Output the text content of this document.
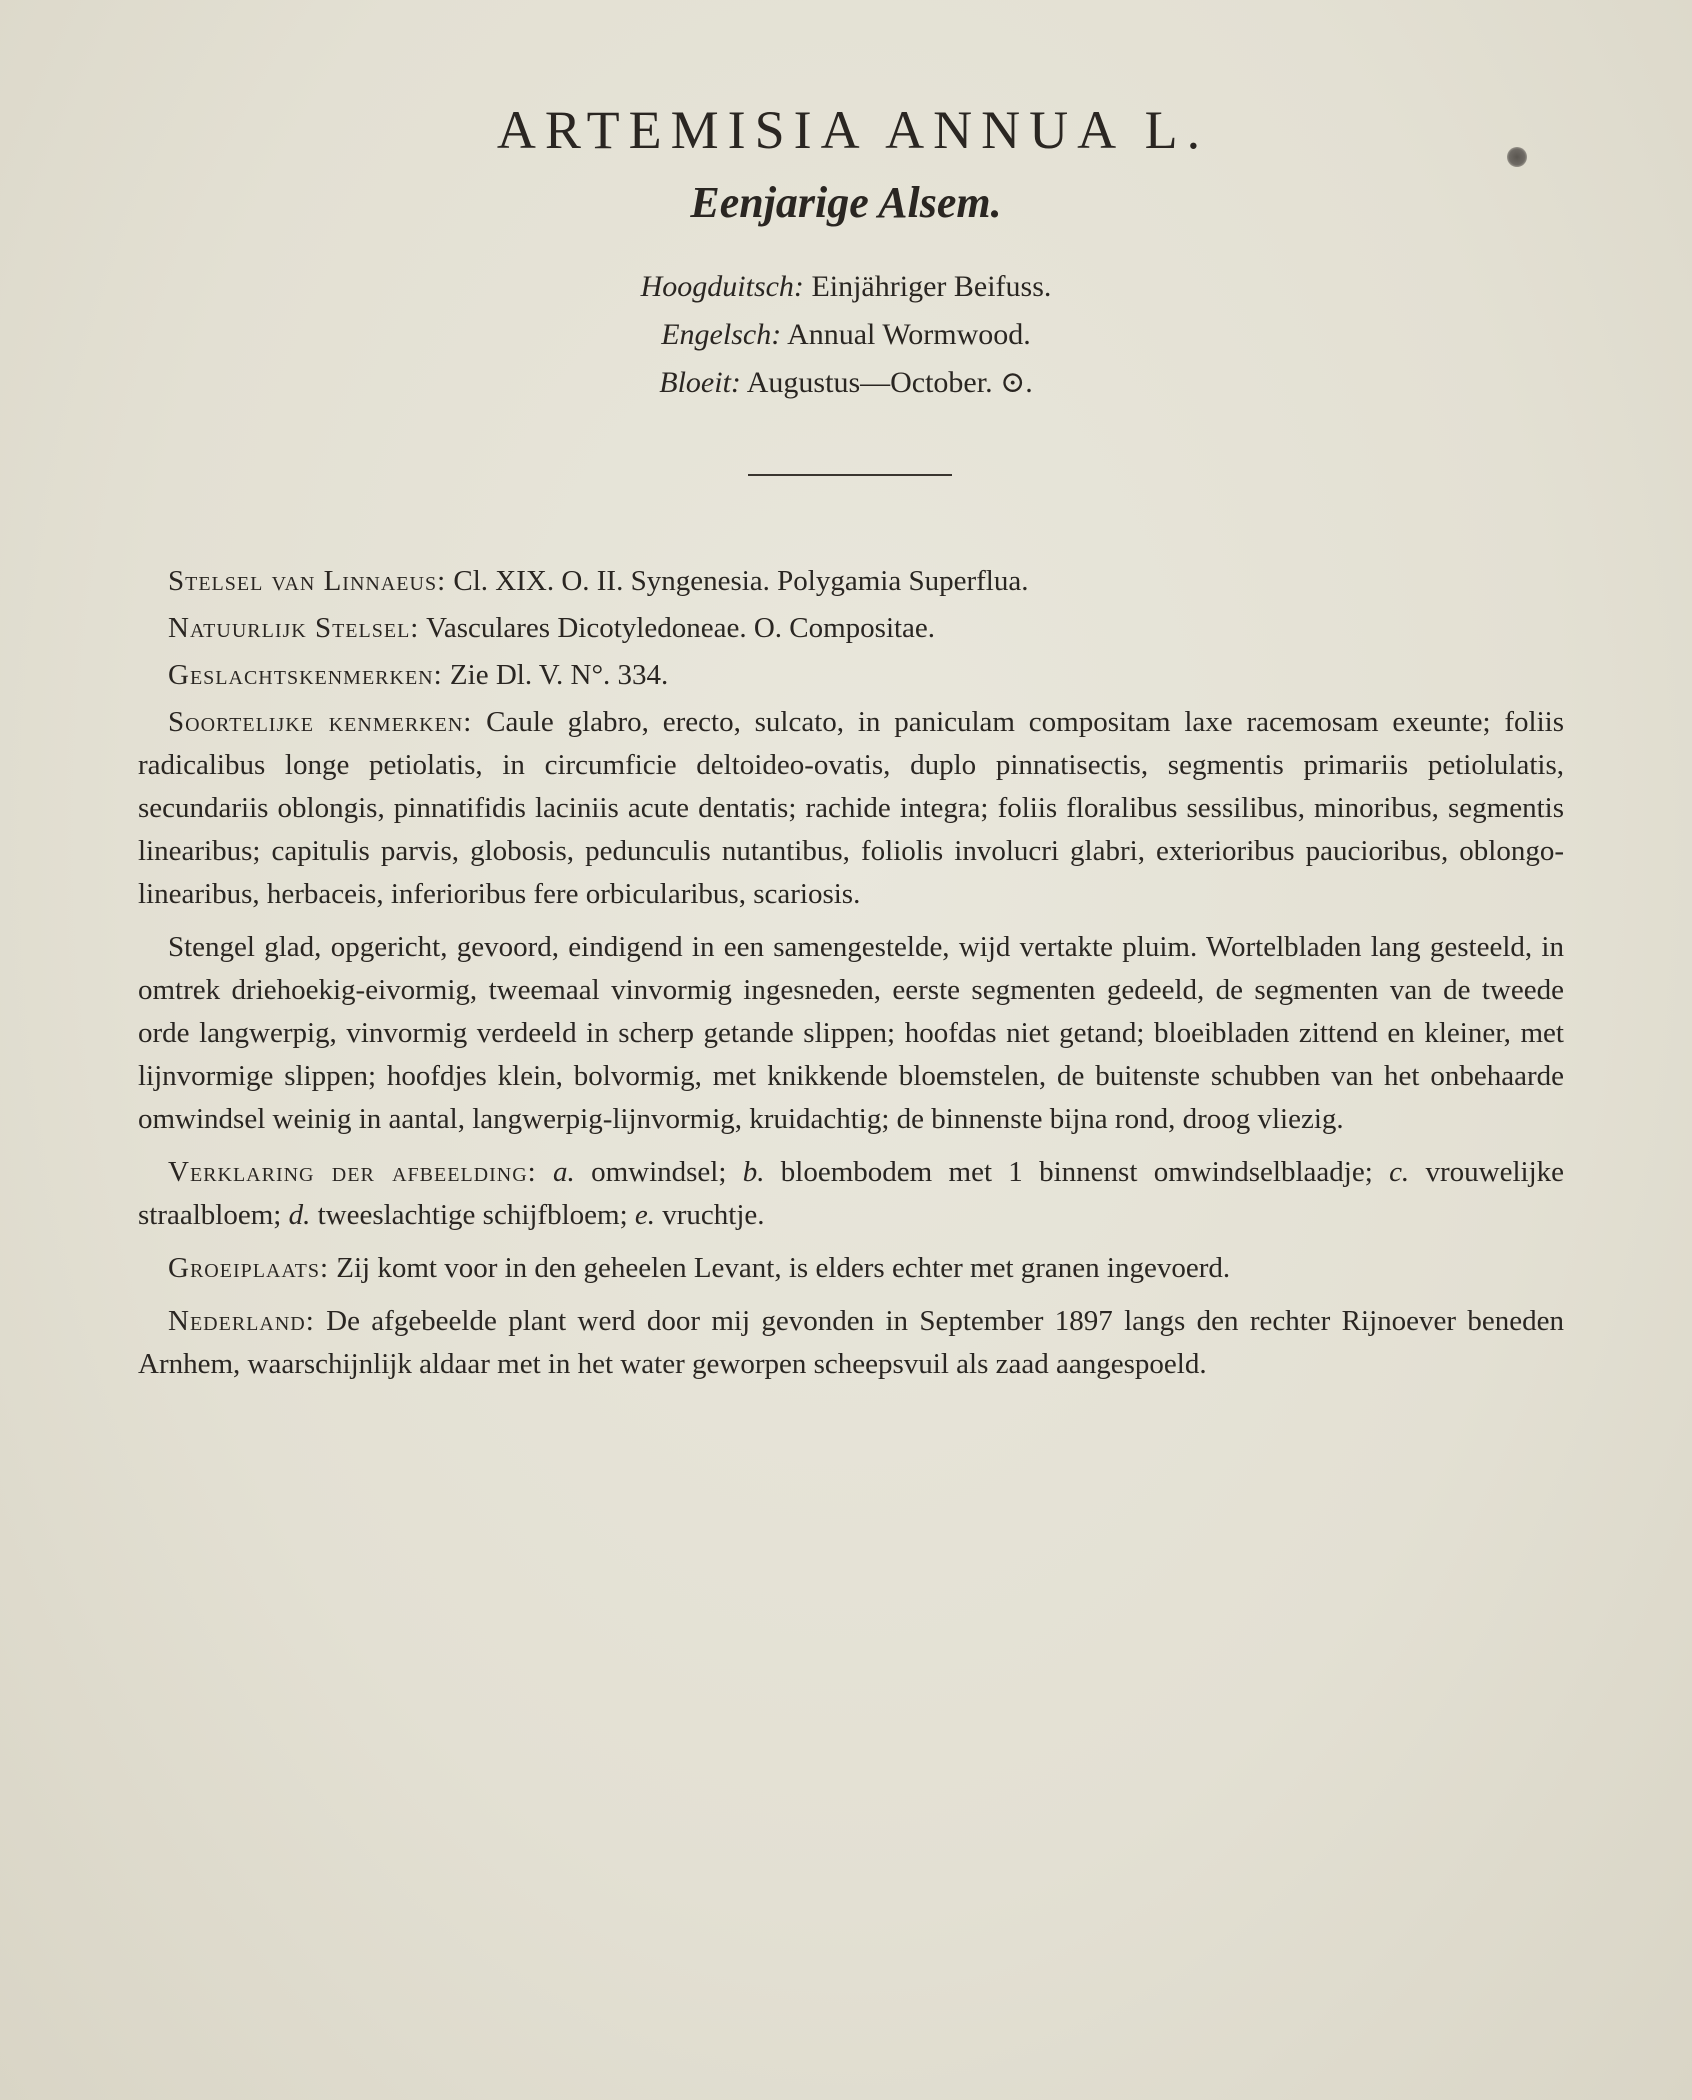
ARTEMISIA ANNUA L.
Eenjarige Alsem.
Hoogduitsch: Einjähriger Beifuss.
Engelsch: Annual Wormwood.
Bloeit: Augustus—October. ⊙.

Stelsel van Linnaeus: Cl. XIX. O. II. Syngenesia. Polygamia Superflua.

Natuurlijk Stelsel: Vasculares Dicotyledoneae. O. Compositae.

Geslachtskenmerken: Zie Dl. V. N°. 334.

Soortelijke kenmerken: Caule glabro, erecto, sulcato, in paniculam compositam laxe racemosam exeunte; foliis radicalibus longe petiolatis, in circumficie deltoideo-ovatis, duplo pinnatisectis, segmentis primariis petiolulatis, secundariis oblongis, pinnatifidis laciniis acute dentatis; rachide integra; foliis floralibus sessilibus, minoribus, segmentis linearibus; capitulis parvis, globosis, pedunculis nutantibus, foliolis involucri glabri, exterioribus paucioribus, oblongo-linearibus, herbaceis, inferioribus fere orbicularibus, scariosis.

Stengel glad, opgericht, gevoord, eindigend in een samengestelde, wijd vertakte pluim. Wortelbladen lang gesteeld, in omtrek driehoekig-eivormig, tweemaal vinvormig ingesneden, eerste segmenten gedeeld, de segmenten van de tweede orde langwerpig, vinvormig verdeeld in scherp getande slippen; hoofdas niet getand; bloeibladen zittend en kleiner, met lijnvormige slippen; hoofdjes klein, bolvormig, met knikkende bloemstelen, de buitenste schubben van het onbehaarde omwindsel weinig in aantal, langwerpig-lijnvormig, kruidachtig; de binnenste bijna rond, droog vliezig.

Verklaring der afbeelding: a. omwindsel; b. bloembodem met 1 binnenst omwindselblaadje; c. vrouwelijke straalbloem; d. tweeslachtige schijfbloem; e. vruchtje.

Groeiplaats: Zij komt voor in den geheelen Levant, is elders echter met granen ingevoerd.

Nederland: De afgebeelde plant werd door mij gevonden in September 1897 langs den rechter Rijnoever beneden Arnhem, waarschijnlijk aldaar met in het water geworpen scheepsvuil als zaad aangespoeld.
